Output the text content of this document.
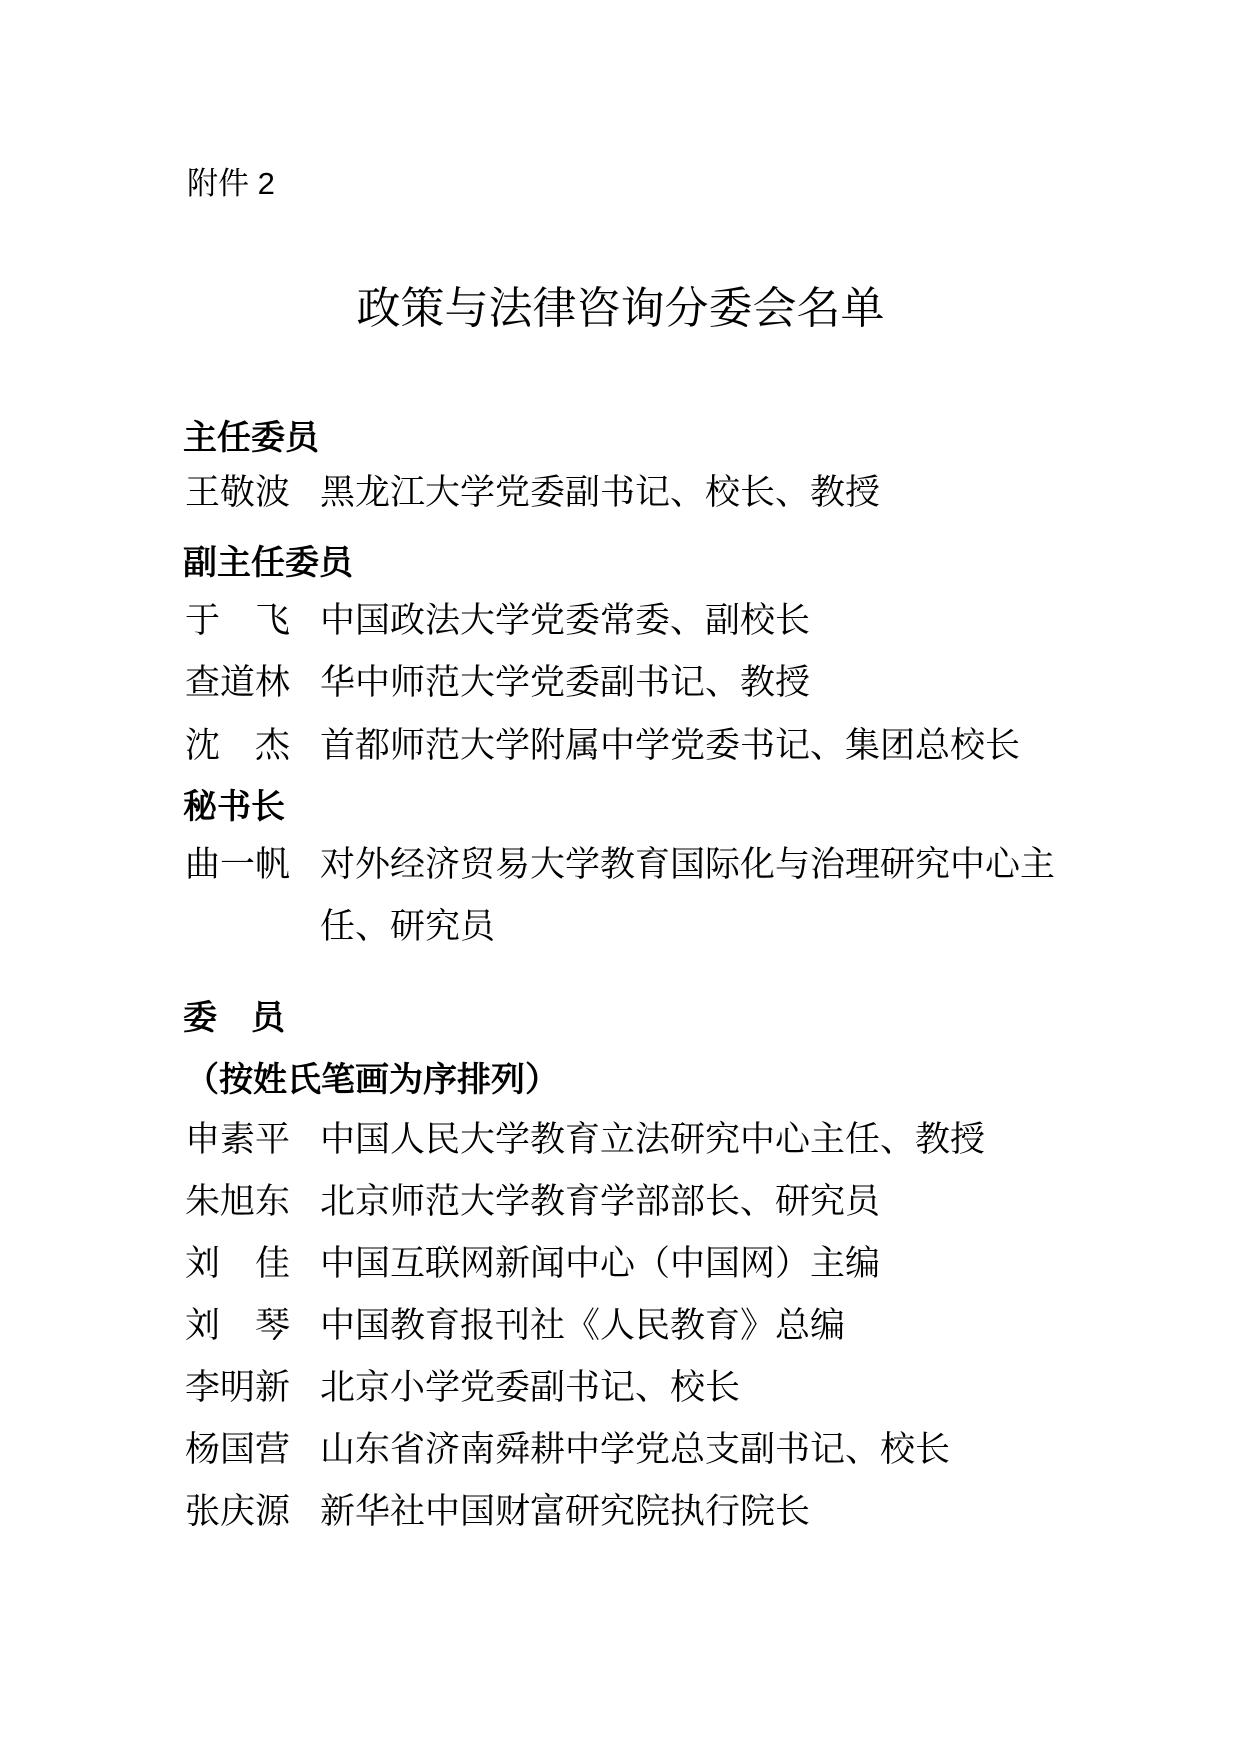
附件 2
政策与法律咨询分委会名单
主任委员
王敬波 黑龙江大学党委副书记、校长、教授
副主任委员
于　飞 中国政法大学党委常委、副校长
查道林 华中师范大学党委副书记、教授
沈　杰 首都师范大学附属中学党委书记、集团总校长
秘书长
曲一帆 对外经济贸易大学教育国际化与治理研究中心主任、研究员
委　员
（按姓氏笔画为序排列）
申素平 中国人民大学教育立法研究中心主任、教授
朱旭东 北京师范大学教育学部部长、研究员
刘　佳 中国互联网新闻中心（中国网）主编
刘　琴 中国教育报刊社《人民教育》总编
李明新 北京小学党委副书记、校长
杨国营 山东省济南舜耕中学党总支副书记、校长
张庆源 新华社中国财富研究院执行院长
